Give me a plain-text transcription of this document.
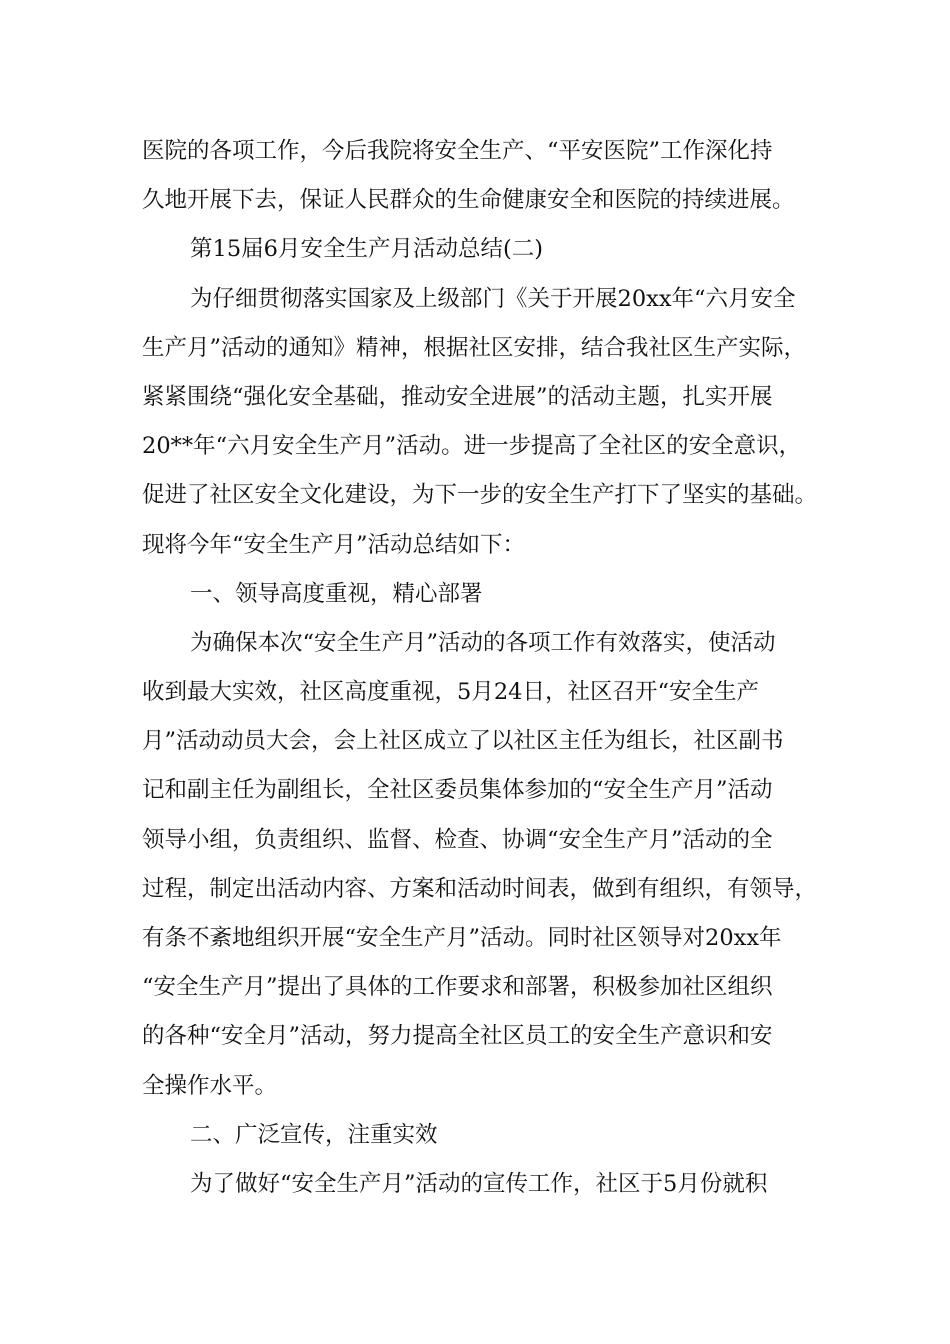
医院的各项工作，今后我院将安全生产、“平安医院”工作深化持
久地开展下去，保证人民群众的生命健康安全和医院的持续进展。
第15届6月安全生产月活动总结(二)
为仔细贯彻落实国家及上级部门《关于开展20xx年“六月安全
生产月”活动的通知》精神，根据社区安排，结合我社区生产实际，
紧紧围绕“强化安全基础，推动安全进展”的活动主题，扎实开展
20**年“六月安全生产月”活动。进一步提高了全社区的安全意识，
促进了社区安全文化建设，为下一步的安全生产打下了坚实的基础。
现将今年“安全生产月”活动总结如下：
一、领导高度重视，精心部署
为确保本次“安全生产月”活动的各项工作有效落实，使活动
收到最大实效，社区高度重视，5月24日，社区召开“安全生产
月”活动动员大会，会上社区成立了以社区主任为组长，社区副书
记和副主任为副组长，全社区委员集体参加的“安全生产月”活动
领导小组，负责组织、监督、检查、协调“安全生产月”活动的全
过程，制定出活动内容、方案和活动时间表，做到有组织，有领导，
有条不紊地组织开展“安全生产月”活动。同时社区领导对20xx年
“安全生产月”提出了具体的工作要求和部署，积极参加社区组织
的各种“安全月”活动，努力提高全社区员工的安全生产意识和安
全操作水平。
二、广泛宣传，注重实效
为了做好“安全生产月”活动的宣传工作，社区于5月份就积
